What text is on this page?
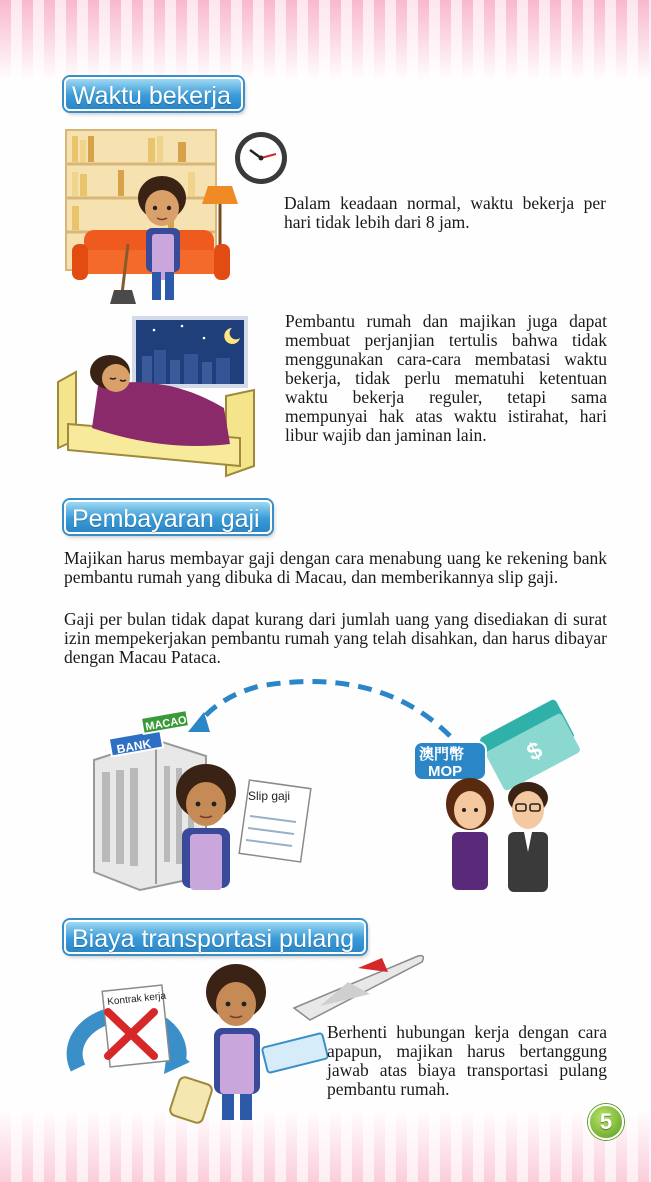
Waktu bekerja

Dalam keadaan normal, waktu bekerja per hari tidak lebih dari 8 jam.

Pembantu rumah dan majikan juga dapat membuat perjanjian tertulis bahwa tidak menggunakan cara-cara membatasi waktu bekerja, tidak perlu mematuhi ketentuan waktu bekerja reguler, tetapi sama mempunyai hak atas waktu istirahat, hari libur wajib dan jaminan lain.

Pembayaran gaji

Majikan harus membayar gaji dengan cara menabung uang ke rekening bank pembantu rumah yang dibuka di Macau, dan memberikannya slip gaji.

Gaji per bulan tidak dapat kurang dari jumlah uang yang disediakan di surat izin mempekerjakan pembantu rumah yang telah disahkan, dan harus dibayar dengan Macau Pataca.

BANK
MACAO
Slip gaji
$
澳門幣
MOP
Biaya transportasi pulang
Kontrak kerja

Berhenti hubungan kerja dengan cara apapun, majikan harus bertanggung jawab atas biaya transportasi pulang pembantu rumah.

5
